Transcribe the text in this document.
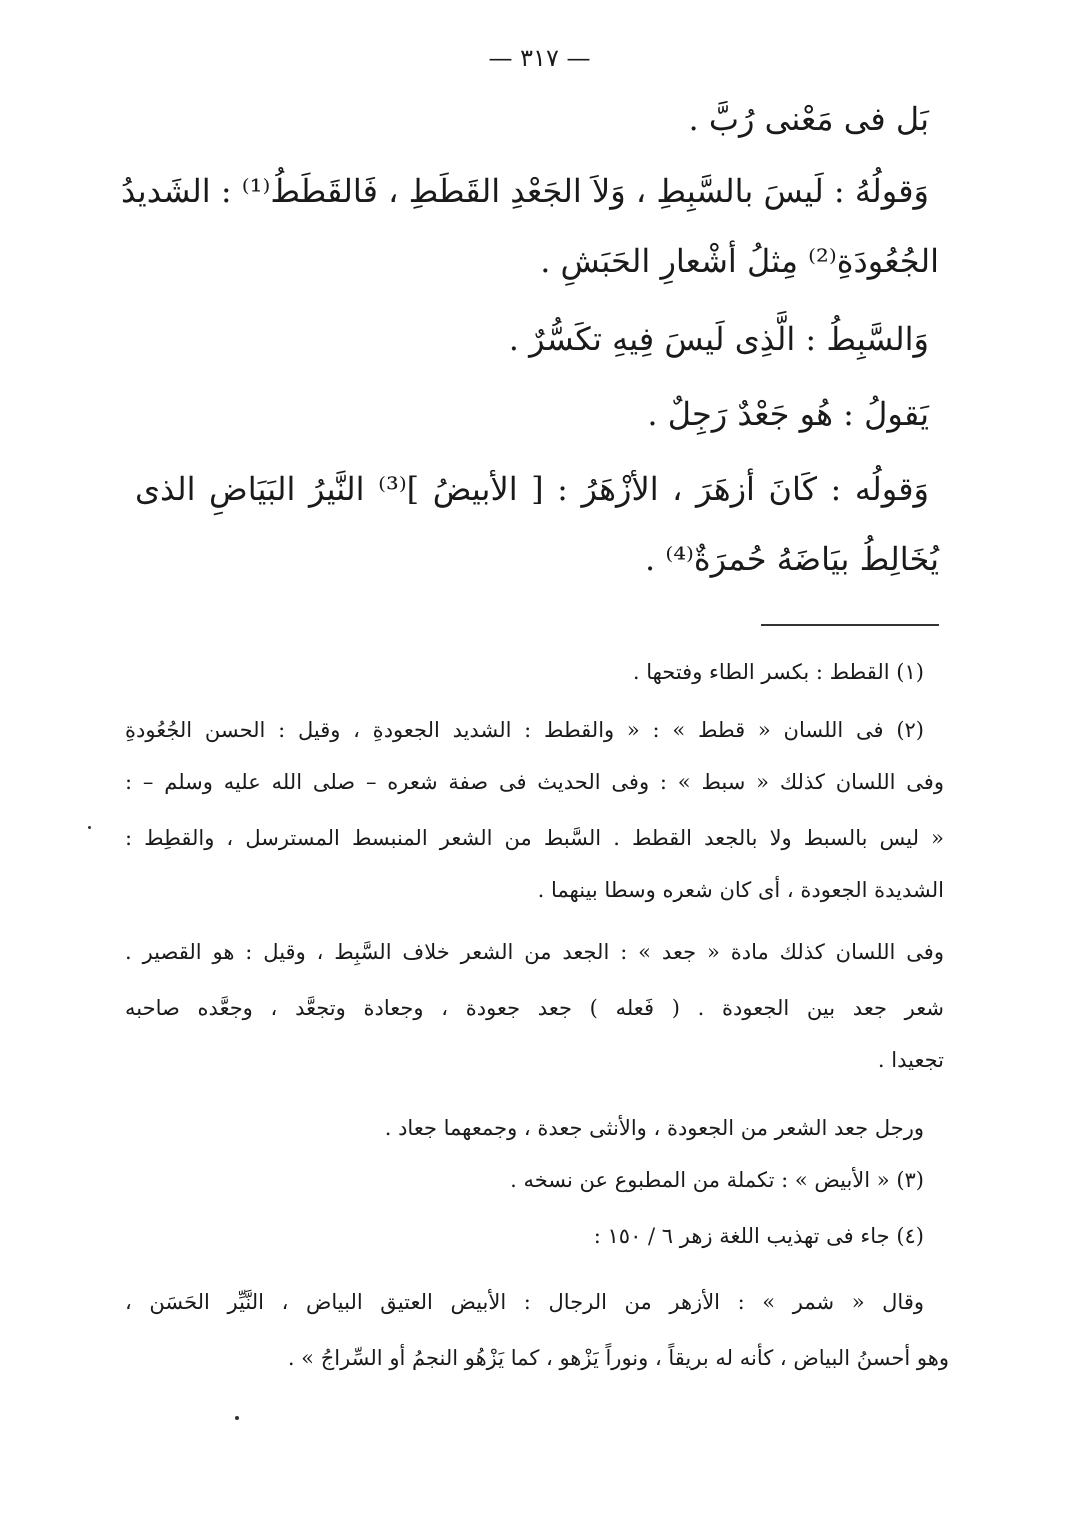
— ٣١٧ —
بَل فى مَعْنى رُبَّ .
وَقولُهُ : لَيسَ بالسَّبِطِ ، وَلاَ الجَعْدِ القَطَطِ ، فَالقَطَطُ⁽¹⁾ : الشَديدُ
الجُعُودَةِ⁽²⁾ مِثلُ أشْعارِ الحَبَشِ .
وَالسَّبِطُ : الَّذِى لَيسَ فِيهِ تكَسُّرٌ .
يَقولُ : هُو جَعْدٌ رَجِلٌ .
وَقولُه : كَانَ أزهَرَ ، الأزْهَرُ : [ الأبيضُ ]⁽³⁾ النَّيرُ البَيَاضِ الذى
يُخَالِطُ بيَاضَهُ حُمرَةٌ⁽⁴⁾ .
(١) القطط : بكسر الطاء وفتحها .
(٢) فى اللسان « قطط » : « والقطط : الشديد الجعودةِ ، وقيل : الحسن الجُعُودةِ
وفى اللسان كذلك « سبط » : وفى الحديث فى صفة شعره – صلى الله عليه وسلم – :
« ليس بالسبط ولا بالجعد القطط . السَّبط من الشعر المنبسط المسترسل ، والقطِط :
الشديدة الجعودة ، أى كان شعره وسطا بينهما .
وفى اللسان كذلك مادة « جعد » : الجعد من الشعر خلاف السَّبِط ، وقيل : هو القصير .
شعر جعد بين الجعودة . ( فَعله ) جعد جعودة ، وجعادة وتجعَّد ، وجعَّده صاحبه
تجعيدا .
ورجل جعد الشعر من الجعودة ، والأنثى جعدة ، وجمعهما جعاد .
(٣) « الأبيض » : تكملة من المطبوع عن نسخه .
(٤) جاء فى تهذيب اللغة زهر ٦ / ١٥٠ :
وقال « شمر » : الأزهر من الرجال : الأبيض العتيق البياض ، النَّيِّر الحَسَن ،
وهو أحسنُ البياض ، كأنه له بريقاً ، ونوراً يَزْهو ، كما يَزْهُو النجمُ أو السِّراجُ » .
